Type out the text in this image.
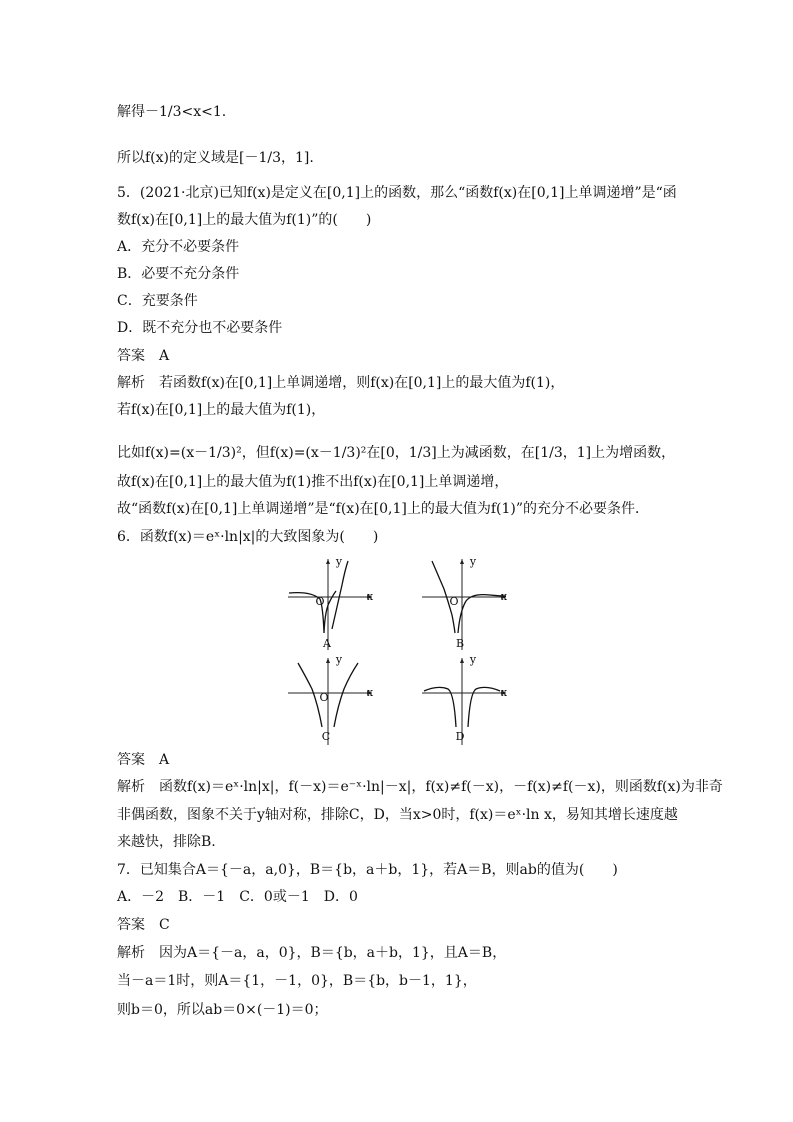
解得－1/3<x<1.
所以f(x)的定义域是[－1/3，1].
5．(2021·北京)已知f(x)是定义在[0,1]上的函数，那么“函数f(x)在[0,1]上单调递增”是“函
数f(x)在[0,1]上的最大值为f(1)”的(　　)
A．充分不必要条件
B．必要不充分条件
C．充要条件
D．既不充分也不必要条件
答案　A
解析　若函数f(x)在[0,1]上单调递增，则f(x)在[0,1]上的最大值为f(1)，
若f(x)在[0,1]上的最大值为f(1)，
比如f(x)=(x－1/3)²，但f(x)=(x－1/3)²在[0，1/3]上为减函数，在[1/3，1]上为增函数，
故f(x)在[0,1]上的最大值为f(1)推不出f(x)在[0,1]上单调递增，
故“函数f(x)在[0,1]上单调递增”是“f(x)在[0,1]上的最大值为f(1)”的充分不必要条件．
6．函数f(x)＝eˣ·ln|x|的大致图象为(　　)
y
x
O
A
y
x
O
B
y
x
O
C
y
x
D
答案　A
解析　函数f(x)＝eˣ·ln|x|，f(－x)＝e⁻ˣ·ln|－x|，f(x)≠f(－x)，－f(x)≠f(－x)，则函数f(x)为非奇
非偶函数，图象不关于y轴对称，排除C，D，当x>0时，f(x)＝eˣ·ln x，易知其增长速度越
来越快，排除B.
7．已知集合A＝{－a，a,0}，B＝{b，a＋b，1}，若A＝B，则ab的值为(　　)
A．－2　B．－1　C．0或－1　D．0
答案　C
解析　因为A＝{－a，a，0}，B＝{b，a＋b，1}，且A＝B，
当－a＝1时，则A＝{1，－1，0}，B＝{b，b－1，1}，
则b＝0，所以ab＝0×(－1)＝0；
